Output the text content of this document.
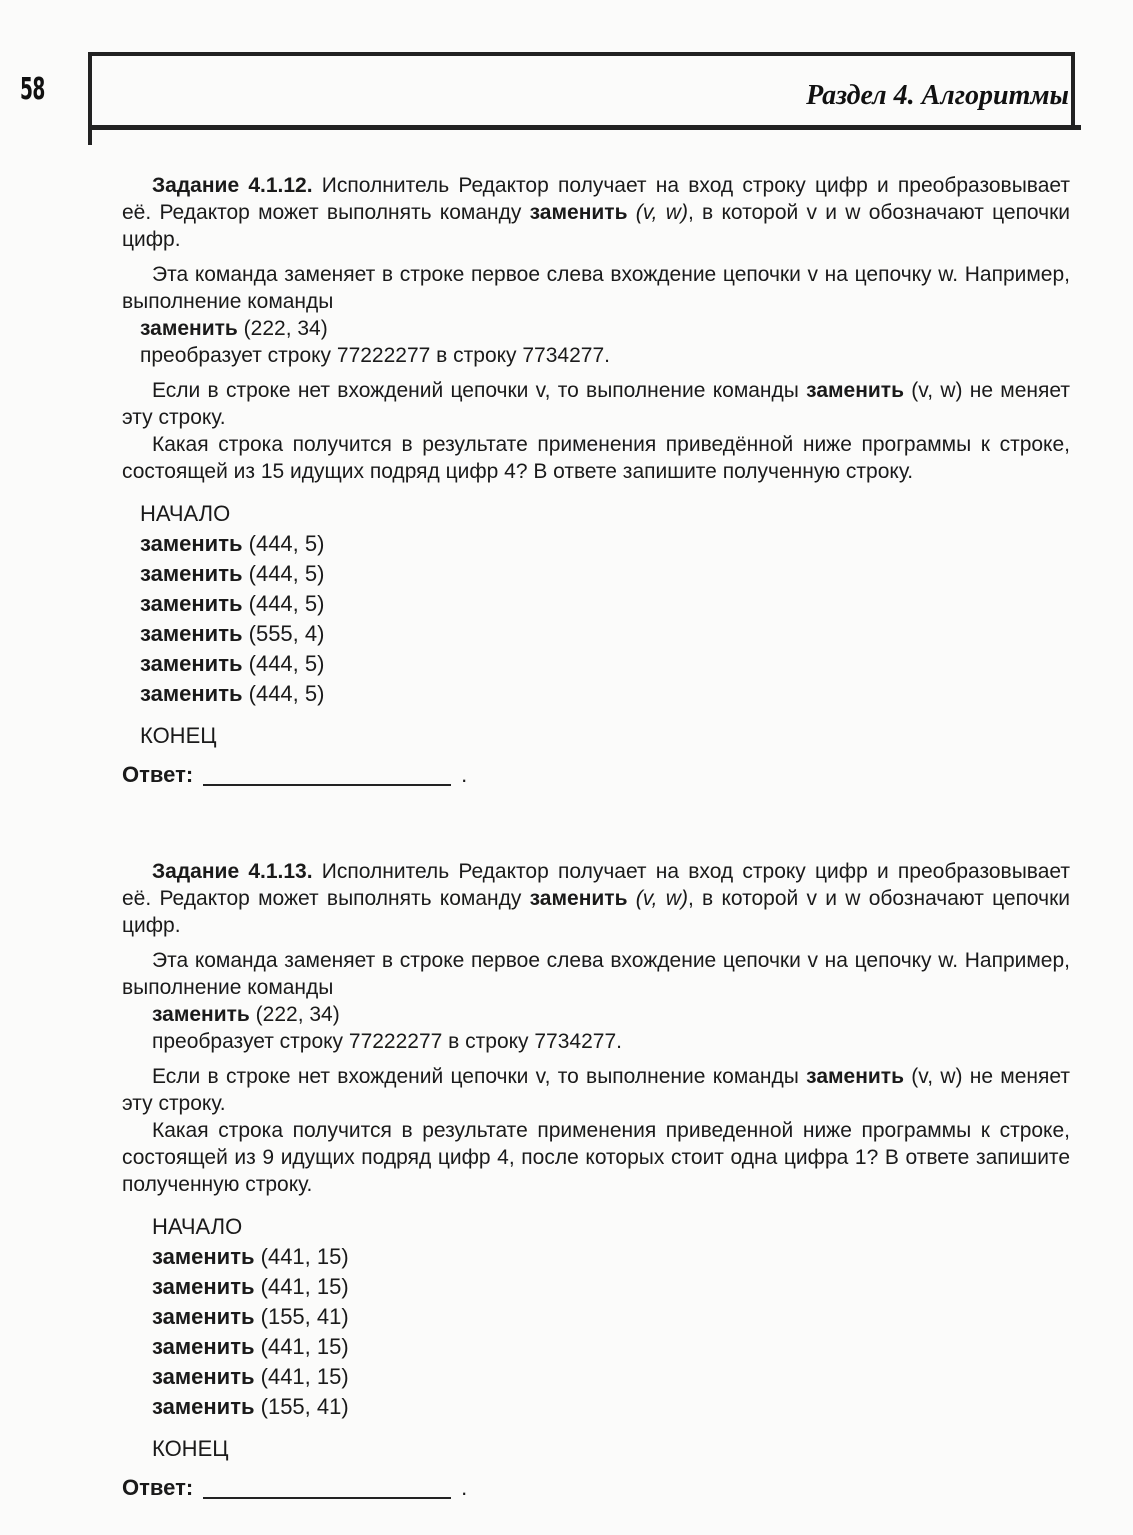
58	Раздел 4. Алгоритмы

Задание 4.1.12. Исполнитель Редактор получает на вход строку цифр и преобразовывает её. Редактор может выполнять команду заменить (v, w), в которой v и w обозначают цепочки цифр.

Эта команда заменяет в строке первое слева вхождение цепочки v на цепочку w. Например, выполнение команды

заменить (222, 34)
преобразует строку 77222277 в строку 7734277.

Если в строке нет вхождений цепочки v, то выполнение команды заменить (v, w) не меняет эту строку.

Какая строка получится в результате применения приведённой ниже программы к строке, состоящей из 15 идущих подряд цифр 4? В ответе запишите полученную строку.

НАЧАЛО
заменить (444, 5)
заменить (444, 5)
заменить (444, 5)
заменить (555, 4)
заменить (444, 5)
заменить (444, 5)
КОНЕЦ
Ответ:	.

Задание 4.1.13. Исполнитель Редактор получает на вход строку цифр и преобразовывает её. Редактор может выполнять команду заменить (v, w), в которой v и w обозначают цепочки цифр.

Эта команда заменяет в строке первое слева вхождение цепочки v на цепочку w. Например, выполнение команды

заменить (222, 34)
преобразует строку 77222277 в строку 7734277.

Если в строке нет вхождений цепочки v, то выполнение команды заменить (v, w) не меняет эту строку.

Какая строка получится в результате применения приведенной ниже программы к строке, состоящей из 9 идущих подряд цифр 4, после которых стоит одна цифра 1? В ответе запишите полученную строку.

НАЧАЛО
заменить (441, 15)
заменить (441, 15)
заменить (155, 41)
заменить (441, 15)
заменить (441, 15)
заменить (155, 41)
КОНЕЦ
Ответ:	.
